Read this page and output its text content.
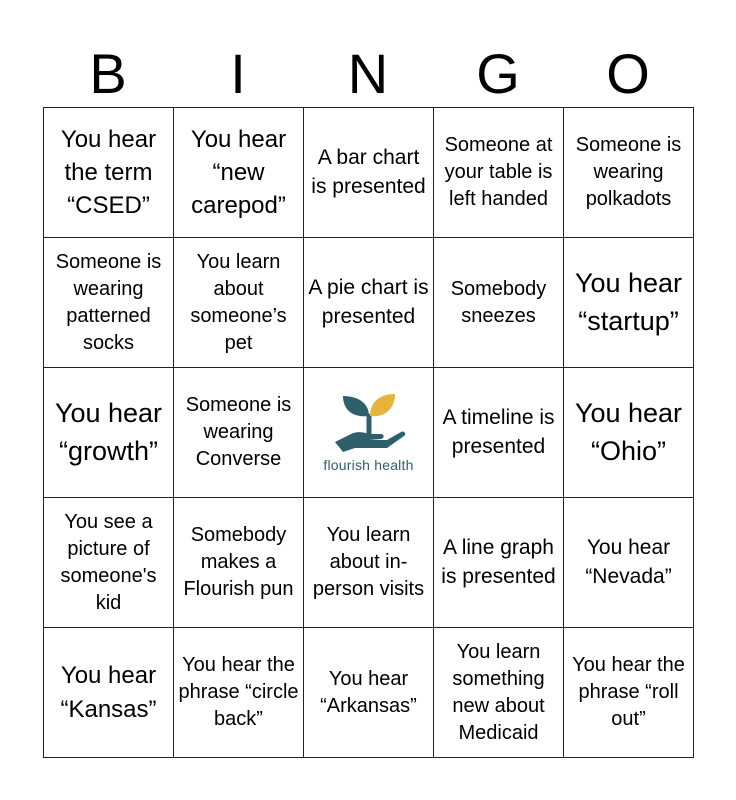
B	I	N	G	O
You hear the term “CSED”	You hear “new carepod”	A bar chart is presented	Someone at your table is left handed	Someone is wearing polkadots

Someone is wearing patterned socks	You learn about someone’s pet	A pie chart is presented	Somebody sneezes	You hear “startup”

You hear “growth”	Someone is wearing Converse	flourish health	A timeline is presented	You hear “Ohio”

You see a picture of someone's kid	Somebody makes a Flourish pun	You learn about in-person visits	A line graph is presented	You hear “Nevada”

You hear “Kansas”	You hear the phrase “circle back”	You hear “Arkansas”	You learn something new about Medicaid	You hear the phrase “roll out”
